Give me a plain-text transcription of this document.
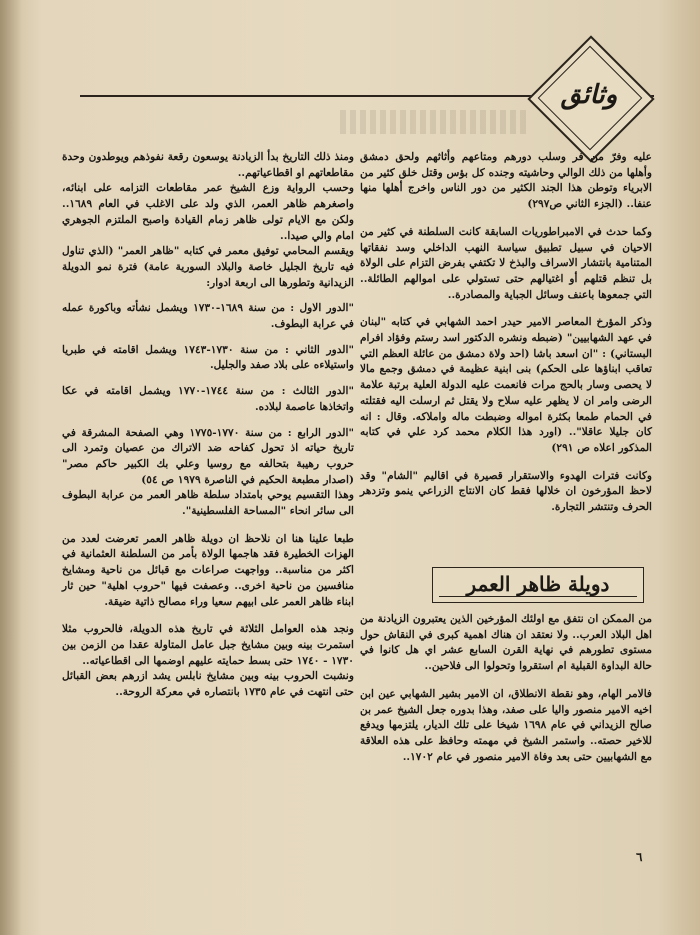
وثائق

عليه وفرّ من فر وسلب دورهم ومتاعهم وأثاثهم ولحق دمشق وأهلها من ذلك الوالي وحاشيته وجنده كل بؤس وقتل خلق كثير من الابرياء وتوطن هذا الجند الكثير من دور الناس واخرج أهلها منها عنفا.. (الجزء الثاني ص٢٩٧)

وكما حدث في الامبراطوريات السابقة كانت السلطنة في كثير من الاحيان في سبيل تطبيق سياسة النهب الداخلي وسد نفقاتها المتنامية بانتشار الاسراف والبذخ لا تكتفي بفرض التزام على الولاة بل تنظم قتلهم أو اغتيالهم حتى تستولي على اموالهم الطائلة.. التي جمعوها باعنف وسائل الجباية والمصادرة..

وذكر المؤرخ المعاصر الامير حيدر احمد الشهابي في كتابه "لبنان في عهد الشهابيين" (ضبطه ونشره الدكتور اسد رستم وفؤاد افرام البستاني) : "ان اسعد باشا (احد ولاة دمشق من عائلة العظم التي تعاقب ابناؤها على الحكم) بنى ابنية عظيمة في دمشق وجمع مالا لا يحصى وسار بالحج مرات فانعمت عليه الدولة العلية برتبة علامة الرضى وامر ان لا يظهر عليه سلاح ولا يقتل ثم ارسلت اليه فقتلته في الحمام طمعا بكثرة امواله وضبطت ماله واملاكه. وقال : انه كان جليلا عاقلا".. (اورد هذا الكلام محمد كرد علي في كتابه المذكور اعلاه ص ٢٩١)

وكانت فترات الهدوء والاستقرار قصيرة في اقاليم "الشام" وقد لاحظ المؤرخون ان خلالها فقط كان الانتاج الزراعي ينمو وتزدهر الحرف وتنتشر التجارة.

دويلة ظاهر العمر

من الممكن ان نتفق مع اولئك المؤرخين الذين يعتبرون الزيادنة من اهل البلاد العرب.. ولا نعتقد ان هناك اهمية كبرى في النقاش حول مستوى تطورهم في نهاية القرن السابع عشر اي هل كانوا في حالة البداوة القبلية ام استقروا وتحولوا الى فلاحين..

فالامر الهام، وهو نقطة الانطلاق، ان الامير بشير الشهابي عين ابن اخيه الامير منصور واليا على صفد، وهذا بدوره جعل الشيخ عمر بن صالح الزيداني في عام ١٦٩٨ شيخا على تلك الديار، يلتزمها ويدفع للاخير حصته.. واستمر الشيخ في مهمته وحافظ على هذه العلاقة مع الشهابيين حتى بعد وفاة الامير منصور في عام ١٧٠٢..

ومنذ ذلك التاريخ بدأ الزيادنة يوسعون رقعة نفوذهم ويوطدون وحدة مقاطعاتهم او اقطاعياتهم..

وحسب الرواية وزع الشيخ عمر مقاطعات التزامه على ابنائه، واصغرهم ظاهر العمر، الذي ولد على الاغلب في العام ١٦٨٩.. ولكن مع الايام تولى ظاهر زمام القيادة واصبح الملتزم الجوهري امام والي صيدا..

ويقسم المحامي توفيق معمر في كتابه "ظاهر العمر" (الذي تناول فيه تاريخ الجليل خاصة والبلاد السورية عامة) فترة نمو الدويلة الزيدانية وتطورها الى اربعة ادوار:

"الدور الاول : من سنة ١٦٨٩-١٧٣٠ ويشمل نشأته وباكورة عمله في عرابة البطوف.

"الدور الثاني : من سنة ١٧٣٠-١٧٤٣ ويشمل اقامته في طبريا واستيلاءه على بلاد صفد والجليل.

"الدور الثالث : من سنة ١٧٤٤-١٧٧٠ ويشمل اقامته في عكا واتخاذها عاصمة لبلاده.

"الدور الرابع : من سنة ١٧٧٠-١٧٧٥ وهي الصفحة المشرقة في تاريخ حياته اذ تحول كفاحه ضد الاتراك من عصيان وتمرد الى حروب رهيبة بتحالفه مع روسيا وعلي بك الكبير حاكم مصر" (اصدار مطبعة الحكيم في الناصرة ١٩٧٩ ص ٥٤)

وهذا التقسيم يوحي بامتداد سلطة ظاهر العمر من عرابة البطوف الى سائر انحاء "المساحة الفلسطينية".

طبعا علينا هنا ان نلاحظ ان دويلة ظاهر العمر تعرضت لعدد من الهزات الخطيرة فقد هاجمها الولاة بأمر من السلطنة العثمانية في اكثر من مناسبة.. وواجهت صراعات مع قبائل من ناحية ومشايخ منافسين من ناحية اخرى.. وعصفت فيها "حروب اهلية" حين ثار ابناء ظاهر العمر على ابيهم سعيا وراء مصالح ذاتية ضيقة.

ونجد هذه العوامل الثلاثة في تاريخ هذه الدويلة، فالحروب مثلا استمرت بينه وبين مشايخ جبل عامل المتاولة عقدا من الزمن بين ١٧٣٠ - ١٧٤٠ حتى بسط حمايته عليهم اوضمها الى اقطاعياته..

ونشبت الحروب بينه وبين مشايخ نابلس يشد ازرهم بعض القبائل حتى انتهت في عام ١٧٣٥ بانتصاره في معركة الروحة..

٦
